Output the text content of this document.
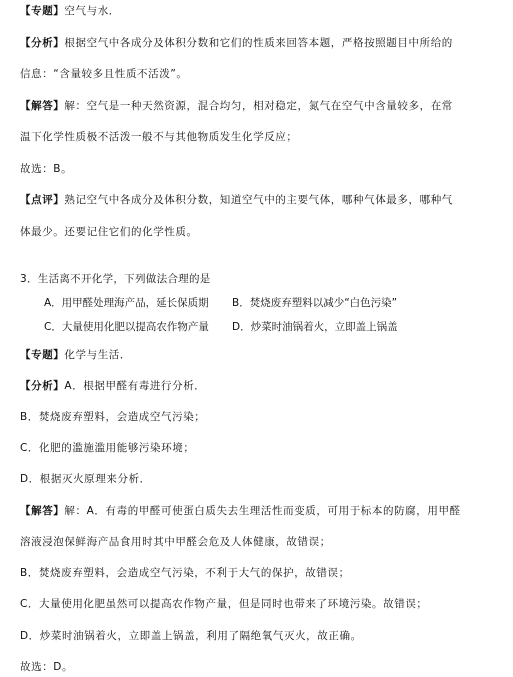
【专题】空气与水．
【分析】根据空气中各成分及体积分数和它们的性质来回答本题，严格按照题目中所给的
信息：“含量较多且性质不活泼”。
【解答】解：空气是一种天然资源，混合均匀，相对稳定，氮气在空气中含量较多，在常
温下化学性质极不活泼一般不与其他物质发生化学反应；
故选：B。
【点评】熟记空气中各成分及体积分数，知道空气中的主要气体，哪种气体最多，哪种气
体最少。还要记住它们的化学性质。
3．生活离不开化学，下列做法合理的是
A．用甲醛处理海产品，延长保质期 B．焚烧废弃塑料以减少“白色污染”
C．大量使用化肥以提高农作物产量 D．炒菜时油锅着火，立即盖上锅盖
【专题】化学与生活．
【分析】A．根据甲醛有毒进行分析．
B．焚烧废弃塑料，会造成空气污染；
C．化肥的滥施滥用能够污染环境；
D．根据灭火原理来分析．
【解答】解：A．有毒的甲醛可使蛋白质失去生理活性而变质，可用于标本的防腐，用甲醛
溶液浸泡保鲜海产品食用时其中甲醛会危及人体健康，故错误；
B．焚烧废弃塑料，会造成空气污染，不利于大气的保护，故错误；
C．大量使用化肥虽然可以提高农作物产量，但是同时也带来了环境污染。故错误；
D．炒菜时油锅着火，立即盖上锅盖，利用了隔绝氧气灭火，故正确。
故选：D。
